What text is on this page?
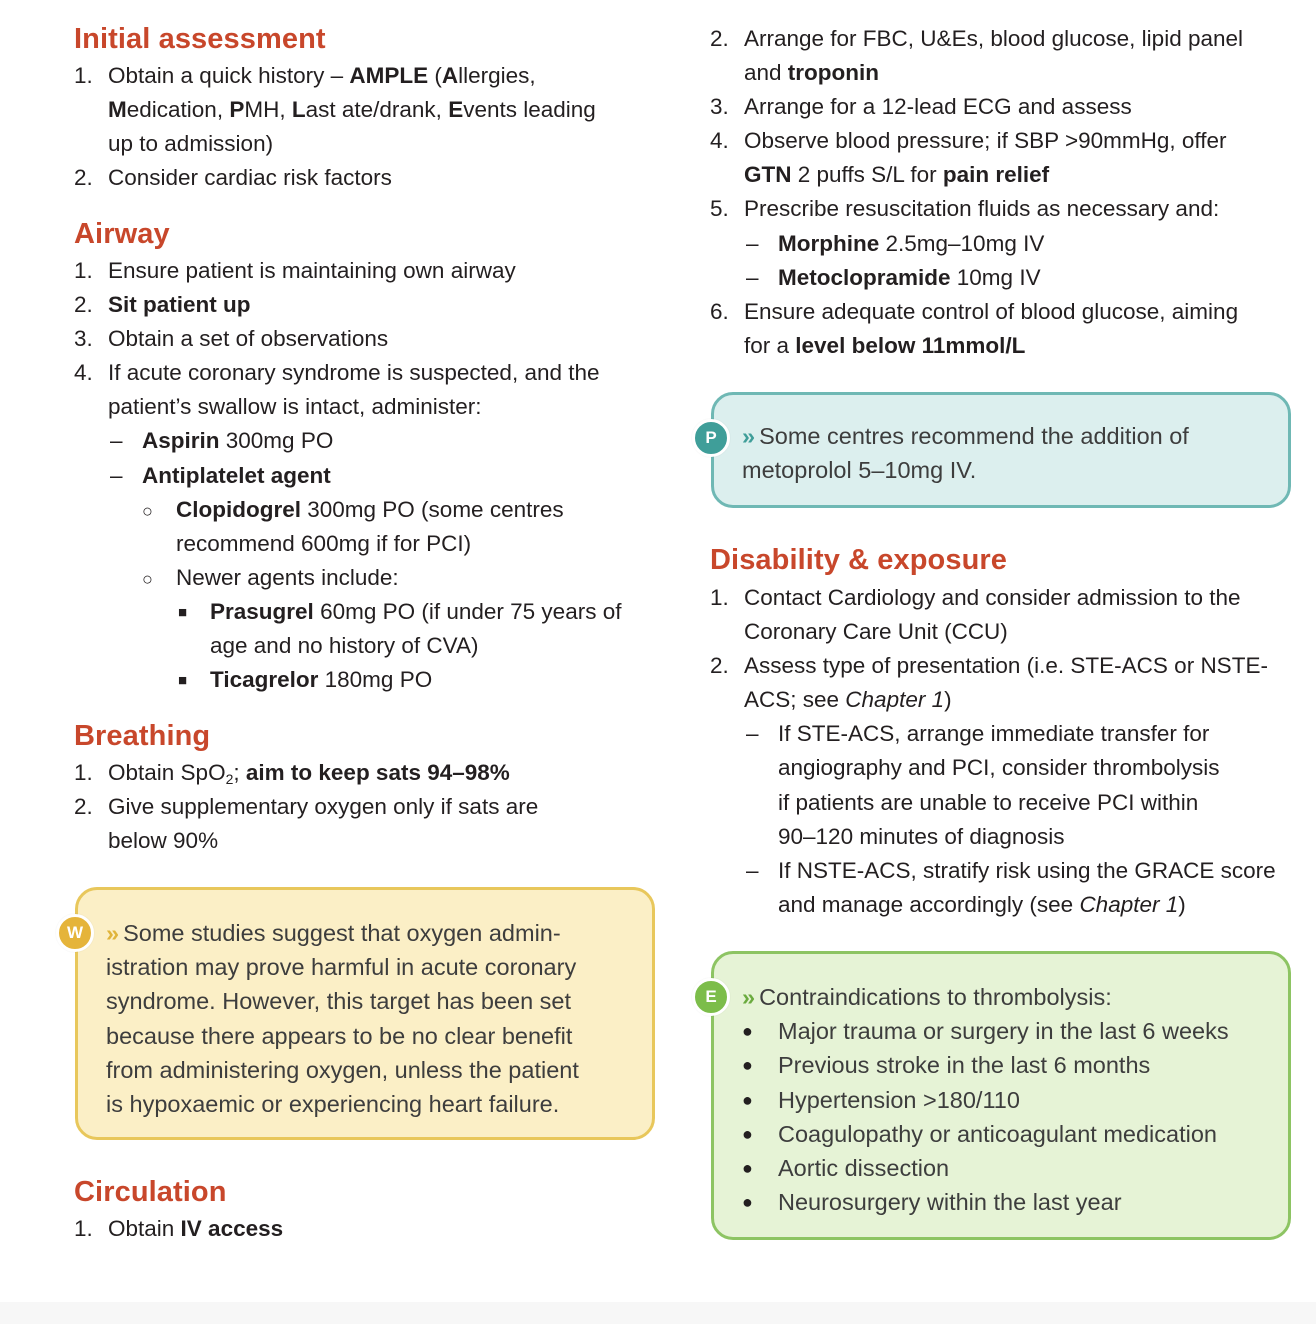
Initial assessment
1. Obtain a quick history – AMPLE (Allergies,
Medication, PMH, Last ate/drank, Events leading
up to admission)
2. Consider cardiac risk factors
Airway
1. Ensure patient is maintaining own airway
2. Sit patient up
3. Obtain a set of observations
4. If acute coronary syndrome is suspected, and the
patient’s swallow is intact, administer:
– Aspirin 300mg PO
– Antiplatelet agent
○ Clopidogrel 300mg PO (some centres
recommend 600mg if for PCI)
○ Newer agents include:
■ Prasugrel 60mg PO (if under 75 years of
age and no history of CVA)
■ Ticagrelor 180mg PO
Breathing
1. Obtain SpO$_2$; aim to keep sats 94–98%
2. Give supplementary oxygen only if sats are
below 90%
Circulation
1. Obtain IV access
W » Some studies suggest that oxygen admin-
istration may prove harmful in acute coronary
syndrome. However, this target has been set
because there appears to be no clear benefit
from administering oxygen, unless the patient
is hypoxaemic or experiencing heart failure.
2. Arrange for FBC, U&Es, blood glucose, lipid panel
and troponin
3. Arrange for a 12-lead ECG and assess
4. Observe blood pressure; if SBP >90mmHg, offer
GTN 2 puffs S/L for pain relief
5. Prescribe resuscitation fluids as necessary and:
– Morphine 2.5mg–10mg IV
– Metoclopramide 10mg IV
6. Ensure adequate control of blood glucose, aiming
for a level below 11mmol/L
Disability & exposure
1. Contact Cardiology and consider admission to the
Coronary Care Unit (CCU)
2. Assess type of presentation (i.e. STE-ACS or NSTE-
ACS; see Chapter 1)
– If STE-ACS, arrange immediate transfer for
angiography and PCI, consider thrombolysis
if patients are unable to receive PCI within
90–120 minutes of diagnosis
– If NSTE-ACS, stratify risk using the GRACE score
and manage accordingly (see Chapter 1)
P	» Some centres recommend the addition of
metoprolol 5–10mg IV.
E	» Contraindications to thrombolysis:
● Major trauma or surgery in the last 6 weeks
● Previous stroke in the last 6 months
● Hypertension >180/110
● Coagulopathy or anticoagulant medication
● Aortic dissection
● Neurosurgery within the last year
